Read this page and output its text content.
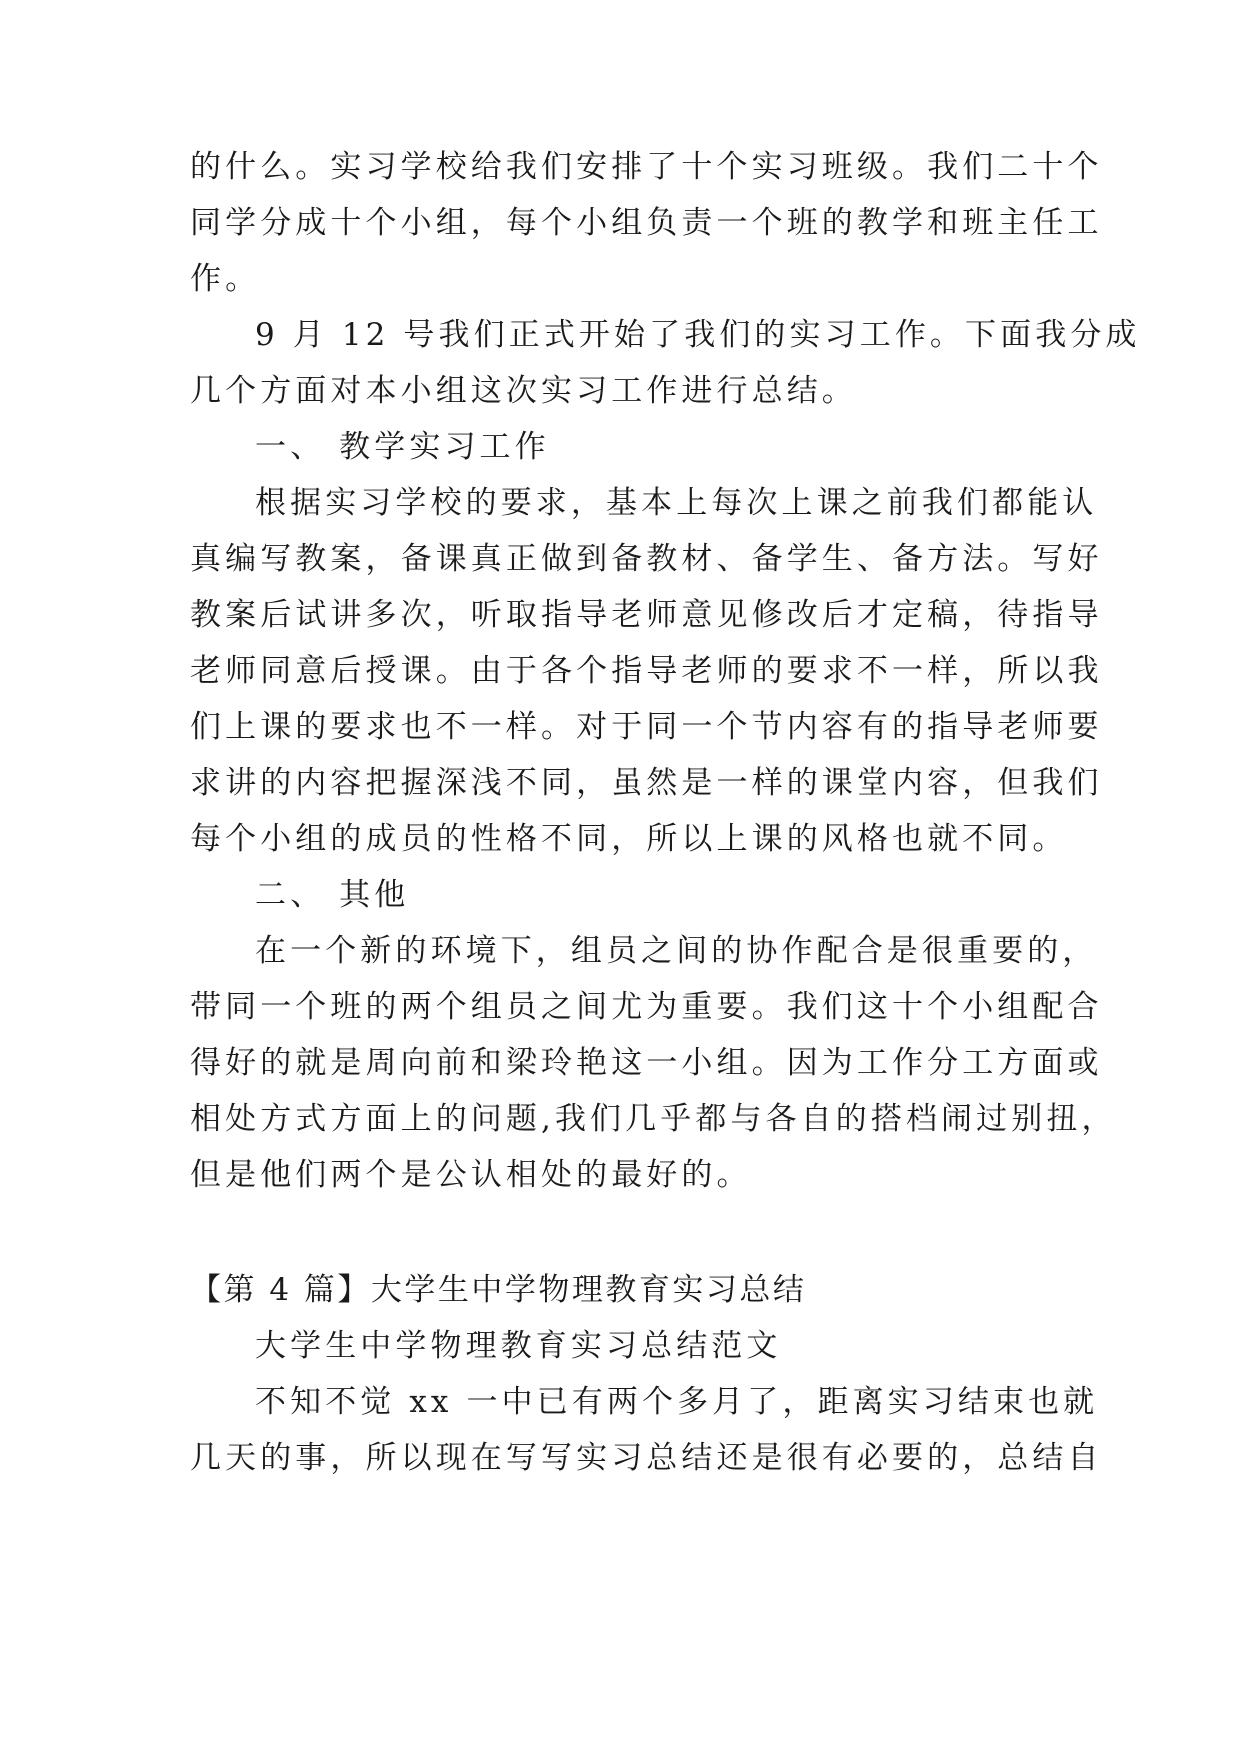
的什么。实习学校给我们安排了十个实习班级。我们二十个
同学分成十个小组，每个小组负责一个班的教学和班主任工
作。
9 月 12 号我们正式开始了我们的实习工作。下面我分成
几个方面对本小组这次实习工作进行总结。
一、 教学实习工作
根据实习学校的要求，基本上每次上课之前我们都能认
真编写教案，备课真正做到备教材、备学生、备方法。写好
教案后试讲多次，听取指导老师意见修改后才定稿，待指导
老师同意后授课。由于各个指导老师的要求不一样，所以我
们上课的要求也不一样。对于同一个节内容有的指导老师要
求讲的内容把握深浅不同，虽然是一样的课堂内容，但我们
每个小组的成员的性格不同，所以上课的风格也就不同。
二、 其他
在一个新的环境下，组员之间的协作配合是很重要的，
带同一个班的两个组员之间尤为重要。我们这十个小组配合
得好的就是周向前和梁玲艳这一小组。因为工作分工方面或
相处方式方面上的问题,我们几乎都与各自的搭档闹过别扭，
但是他们两个是公认相处的最好的。
【第 4 篇】大学生中学物理教育实习总结
大学生中学物理教育实习总结范文
不知不觉 xx 一中已有两个多月了，距离实习结束也就
几天的事，所以现在写写实习总结还是很有必要的，总结自
